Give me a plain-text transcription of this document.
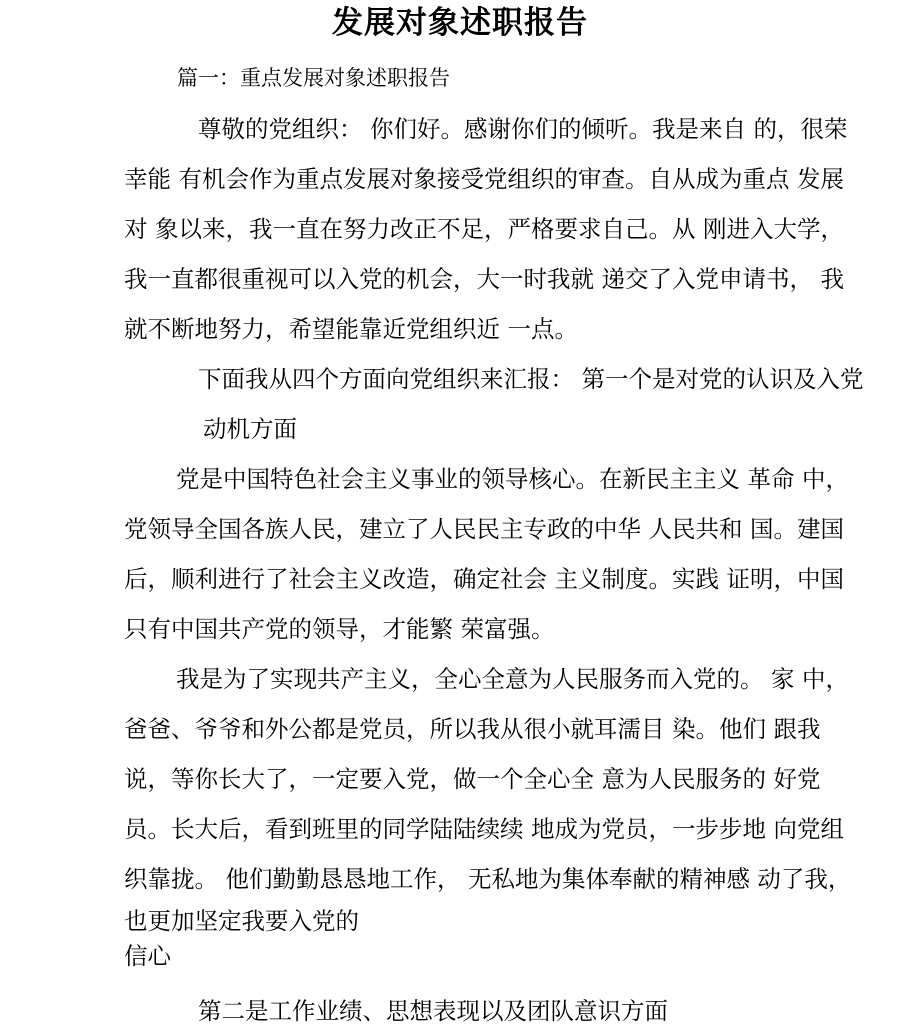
发展对象述职报告
篇一：重点发展对象述职报告
尊敬的党组织： 你们好。感谢你们的倾听。我是来自 的，很荣
幸能 有机会作为重点发展对象接受党组织的审查。自从成为重点 发展
对 象以来，我一直在努力改正不足，严格要求自己。从 刚进入大学，
我一直都很重视可以入党的机会，大一时我就 递交了入党申请书， 我
就不断地努力，希望能靠近党组织近 一点。
下面我从四个方面向党组织来汇报： 第一个是对党的认识及入党
动机方面
党是中国特色社会主义事业的领导核心。在新民主主义 革命 中，
党领导全国各族人民，建立了人民民主专政的中华 人民共和 国。建国
后，顺利进行了社会主义改造，确定社会 主义制度。实践 证明，中国
只有中国共产党的领导，才能繁 荣富强。
我是为了实现共产主义，全心全意为人民服务而入党的。 家 中，
爸爸、爷爷和外公都是党员，所以我从很小就耳濡目 染。他们 跟我
说，等你长大了，一定要入党，做一个全心全 意为人民服务的 好党
员。长大后，看到班里的同学陆陆续续 地成为党员，一步步地 向党组
织靠拢。 他们勤勤恳恳地工作， 无私地为集体奉献的精神感 动了我，
也更加坚定我要入党的
信心
第二是工作业绩、思想表现以及团队意识方面
